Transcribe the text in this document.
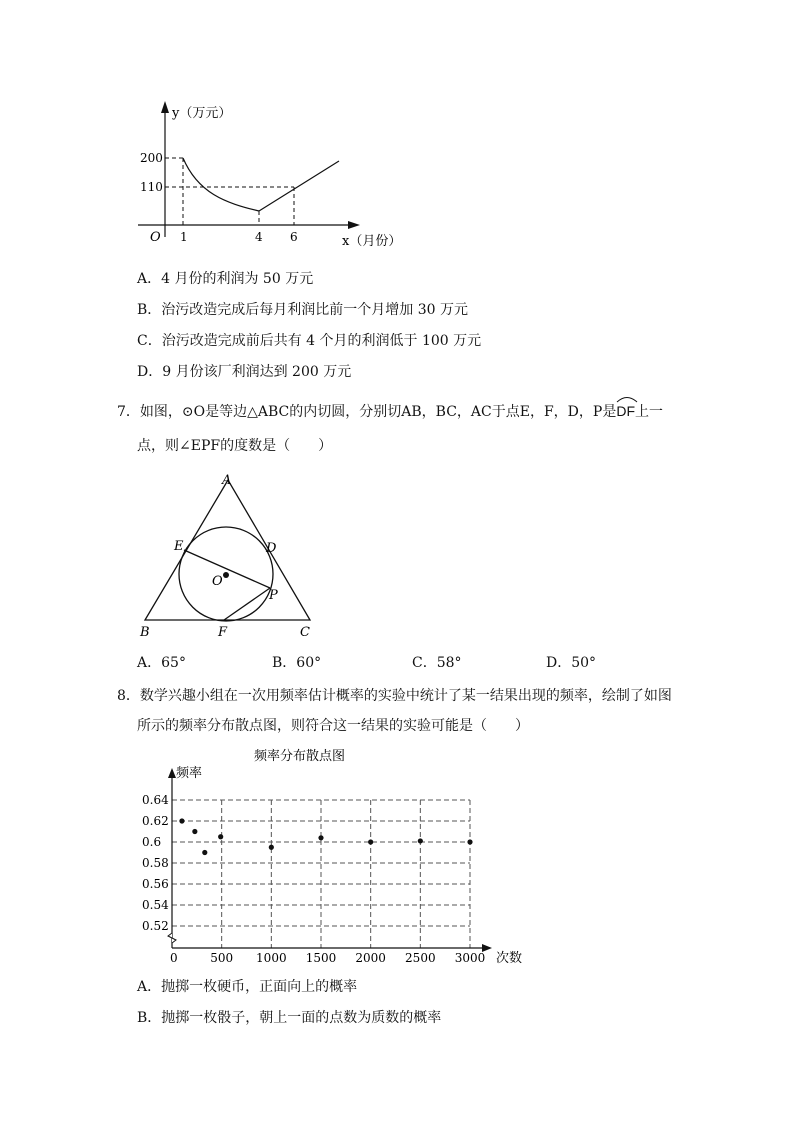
y（万元）
x（月份）
O
200
110
1	4 6
A．4 月份的利润为 50 万元
B．治污改造完成后每月利润比前一个月增加 30 万元
C．治污改造完成前后共有 4 个月的利润低于 100 万元
D．9 月份该厂利润达到 200 万元
7．如图，⊙O是等边△ABC的内切圆，分别切AB，BC，AC于点E，F，D，P是
DF上一
点，则∠EPF的度数是（　　）
A
E	D
O
P
B	F	C
A．65°	B．60°	C．58°	D．50°
8．数学兴趣小组在一次用频率估计概率的实验中统计了某一结果出现的频率，绘制了如图
所示的频率分布散点图，则符合这一结果的实验可能是（　　）
频率分布散点图
频率
次数
0.52
0.54
0.56
0.58
0.6
0.62
0.64
0	500 1000 1500 2000 2500 3000
A．抛掷一枚硬币，正面向上的概率
B．抛掷一枚骰子，朝上一面的点数为质数的概率
